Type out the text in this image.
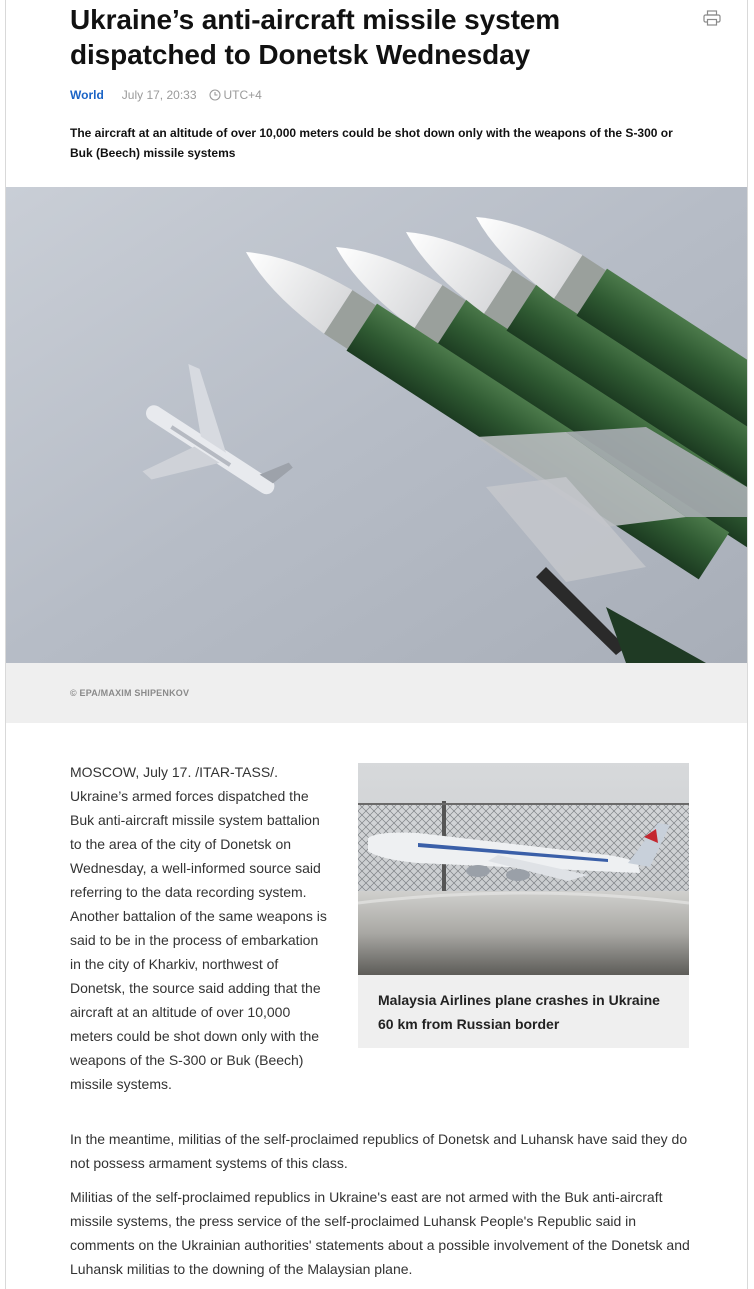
Ukraine’s anti-aircraft missile system dispatched to Donetsk Wednesday
World July 17, 20:33 UTC+4

The aircraft at an altitude of over 10,000 meters could be shot down only with the weapons of the S-300 or Buk (Beech) missile systems

© EPA/MAXIM SHIPENKOV

MOSCOW, July 17. /ITAR-TASS/. Ukraine’s armed forces dispatched the Buk anti-aircraft missile system battalion to the area of the city of Donetsk on Wednesday, a well-informed source said referring to the data recording system.

Another battalion of the same weapons is said to be in the process of embarkation in the city of Kharkiv, northwest of Donetsk, the source said adding that the aircraft at an altitude of over 10,000 meters could be shot down only with the weapons of the S-300 or Buk (Beech) missile systems.

Malaysia Airlines plane crashes in Ukraine 60 km from Russian border

In the meantime, militias of the self-proclaimed republics of Donetsk and Luhansk have said they do not possess armament systems of this class.

Militias of the self-proclaimed republics in Ukraine's east are not armed with the Buk anti-aircraft missile systems, the press service of the self-proclaimed Luhansk People's Republic said in comments on the Ukrainian authorities' statements about a possible involvement of the Donetsk and Luhansk militias to the downing of the Malaysian plane.
